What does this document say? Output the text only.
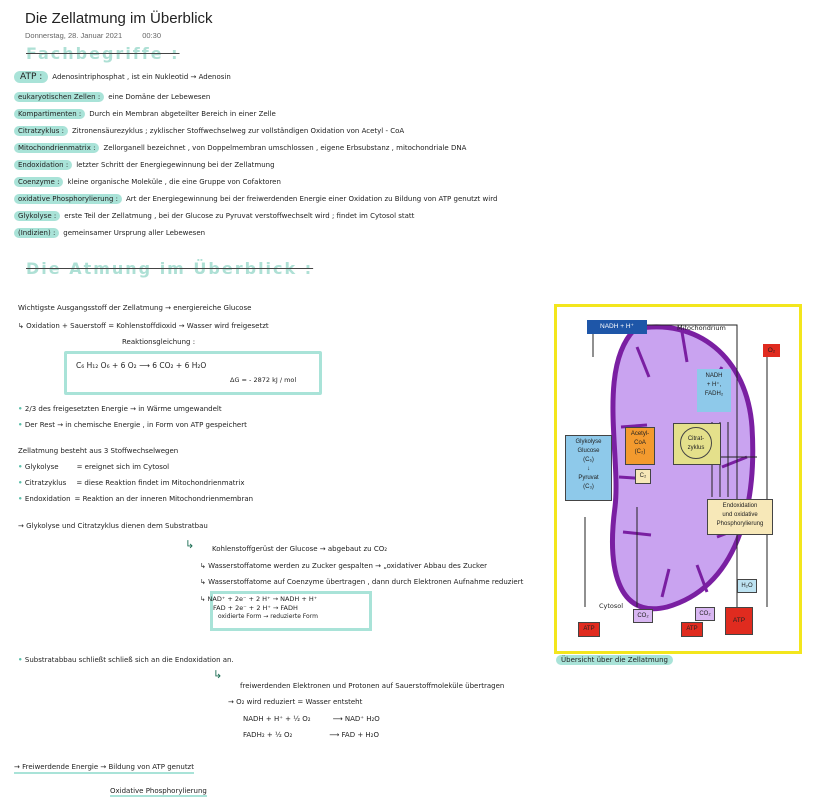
Die Zellatmung im Überblick
Donnerstag, 28. Januar 2021	00:30
Fachbegriffe :
ATP : Adenosintriphosphat , ist ein Nukleotid → Adenosin
eukaryotischen Zellen : eine Domäne der Lebewesen
Kompartimenten : Durch ein Membran abgeteilter Bereich in einer Zelle
Citratzyklus : Zitronensäurezyklus ; zyklischer Stoffwechselweg zur vollständigen Oxidation von Acetyl - CoA
Mitochondrienmatrix : Zellorganell bezeichnet , von Doppelmembran umschlossen , eigene Erbsubstanz , mitochondriale DNA
Endoxidation : letzter Schritt der Energiegewinnung bei der Zellatmung
Coenzyme : kleine organische Moleküle , die eine Gruppe von Cofaktoren
oxidative Phosphorylierung : Art der Energiegewinnung bei der freiwerdenden Energie einer Oxidation zu Bildung von ATP genutzt wird
Glykolyse : erste Teil der Zellatmung , bei der Glucose zu Pyruvat verstoffwechselt wird ; findet im Cytosol statt
(Indizien) : gemeinsamer Ursprung aller Lebewesen
Die Atmung im Überblick :
Wichtigste Ausgangsstoff der Zellatmung → energiereiche Glucose
↳ Oxidation + Sauerstoff = Kohlenstoffdioxid → Wasser wird freigesetzt
Reaktionsgleichung :
C₆ H₁₂ O₆ + 6 O₂ ⟶ 6 CO₂ + 6 H₂O
ΔG = - 2872 kJ / mol
• 2/3 des freigesetzten Energie → in Wärme umgewandelt
• Der Rest → in chemische Energie , in Form von ATP gespeichert
Zellatmung besteht aus 3 Stoffwechselwegen
• Glykolyse	= ereignet sich im Cytosol
• Citratzyklus = diese Reaktion findet im Mitochondrienmatrix
• Endoxidation = Reaktion an der inneren Mitochondrienmembran
→ Glykolyse und Citratzyklus dienen dem Substratbau
↳	Kohlenstoffgerüst der Glucose → abgebaut zu CO₂
↳ Wasserstoffatome werden zu Zucker gespalten → „oxidativer Abbau des Zucker
↳ Wasserstoffatome auf Coenzyme übertragen , dann durch Elektronen Aufnahme reduziert
↳ NAD⁺ + 2e⁻ + 2 H⁺ → NADH + H⁺
FAD + 2e⁻ + 2 H⁺ → FADH
oxidierte Form → reduzierte Form
• Substratabbau schließt schließ sich an die Endoxidation an.
↳
freiwerdenden Elektronen und Protonen auf Sauerstoffmoleküle übertragen
→ O₂ wird reduziert = Wasser entsteht
NADH + H⁺ + ½ O₂	⟶ NAD⁺ H₂O
FADH₂ + ½ O₂	⟶ FAD + H₂O
→ Freiwerdende Energie → Bildung von ATP genutzt
Oxidative Phosphorylierung
NADH + H⁺	Mitochondrium
O₂
NADH
+ H⁺,
FADH₂
Glykolyse
Glucose
(C₆)
↓
Pyruvat
(C₃)
Acetyl-
CoA
(C₂)
Citrat-
zyklus
C₂
Endoxidation
und oxidative
Phosphorylierung
H₂O
Cytosol
CO₂	CO₂
ATP	ATP
ATP
Übersicht über die Zellatmung
